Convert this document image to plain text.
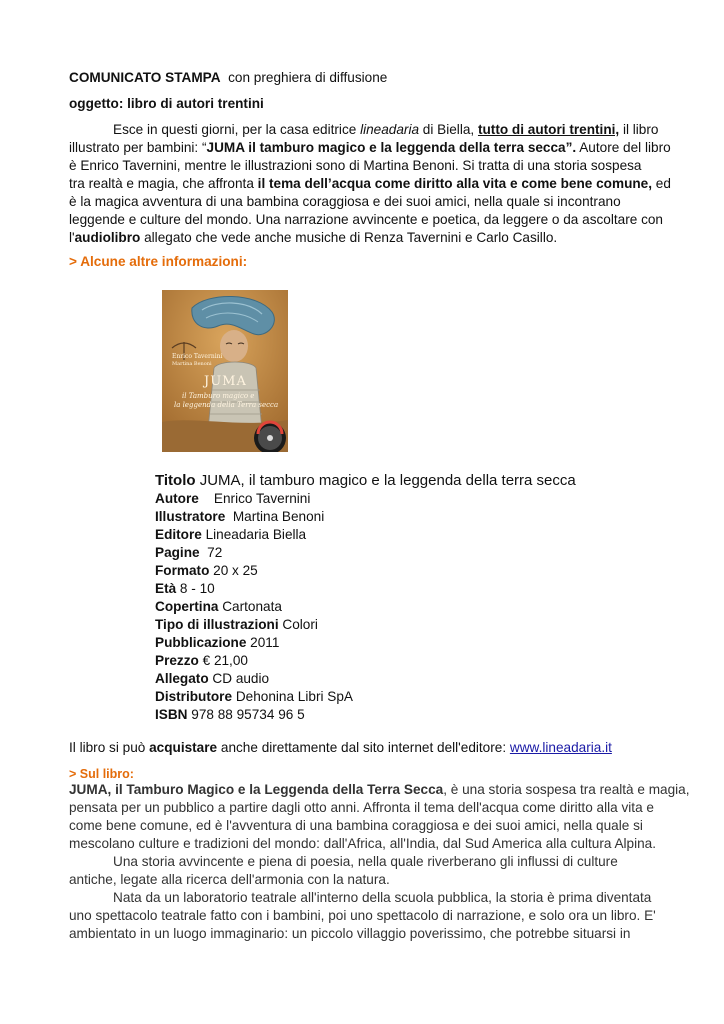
COMUNICATO STAMPA con preghiera di diffusione
oggetto: libro di autori trentini
Esce in questi giorni, per la casa editrice lineadaria di Biella, tutto di autori trentini, il libro
illustrato per bambini: “JUMA il tamburo magico e la leggenda della terra secca”. Autore del libro
è Enrico Tavernini, mentre le illustrazioni sono di Martina Benoni. Si tratta di una storia sospesa
tra realtà e magia, che affronta il tema dell’acqua come diritto alla vita e come bene comune, ed
è la magica avventura di una bambina coraggiosa e dei suoi amici, nella quale si incontrano
leggende e culture del mondo. Una narrazione avvincente e poetica, da leggere o da ascoltare con
l'audiolibro allegato che vede anche musiche di Renza Tavernini e Carlo Casillo.
> Alcune altre informazioni:
Enrico Tavernini
Martina Benoni
JUMA
il Tamburo magico e
la leggenda della Terra secca
Titolo JUMA, il tamburo magico e la leggenda della terra secca
Autore    Enrico Tavernini
Illustratore  Martina Benoni
Editore Lineadaria Biella
Pagine  72
Formato 20 x 25
Età 8 - 10
Copertina Cartonata
Tipo di illustrazioni Colori
Pubblicazione 2011
Prezzo € 21,00
Allegato CD audio
Distributore Dehonina Libri SpA
ISBN 978 88 95734 96 5
Il libro si può acquistare anche direttamente dal sito internet dell'editore: www.lineadaria.it
> Sul libro:
JUMA, il Tamburo Magico e la Leggenda della Terra Secca, è una storia sospesa tra realtà e magia,
pensata per un pubblico a partire dagli otto anni. Affronta il tema dell'acqua come diritto alla vita e
come bene comune, ed è l'avventura di una bambina coraggiosa e dei suoi amici, nella quale si
mescolano culture e tradizioni del mondo: dall'Africa, all'India, dal Sud America alla cultura Alpina.
Una storia avvincente e piena di poesia, nella quale riverberano gli influssi di culture
antiche, legate alla ricerca dell'armonia con la natura.
Nata da un laboratorio teatrale all'interno della scuola pubblica, la storia è prima diventata
uno spettacolo teatrale fatto con i bambini, poi uno spettacolo di narrazione, e solo ora un libro. E'
ambientato in un luogo immaginario: un piccolo villaggio poverissimo, che potrebbe situarsi in
